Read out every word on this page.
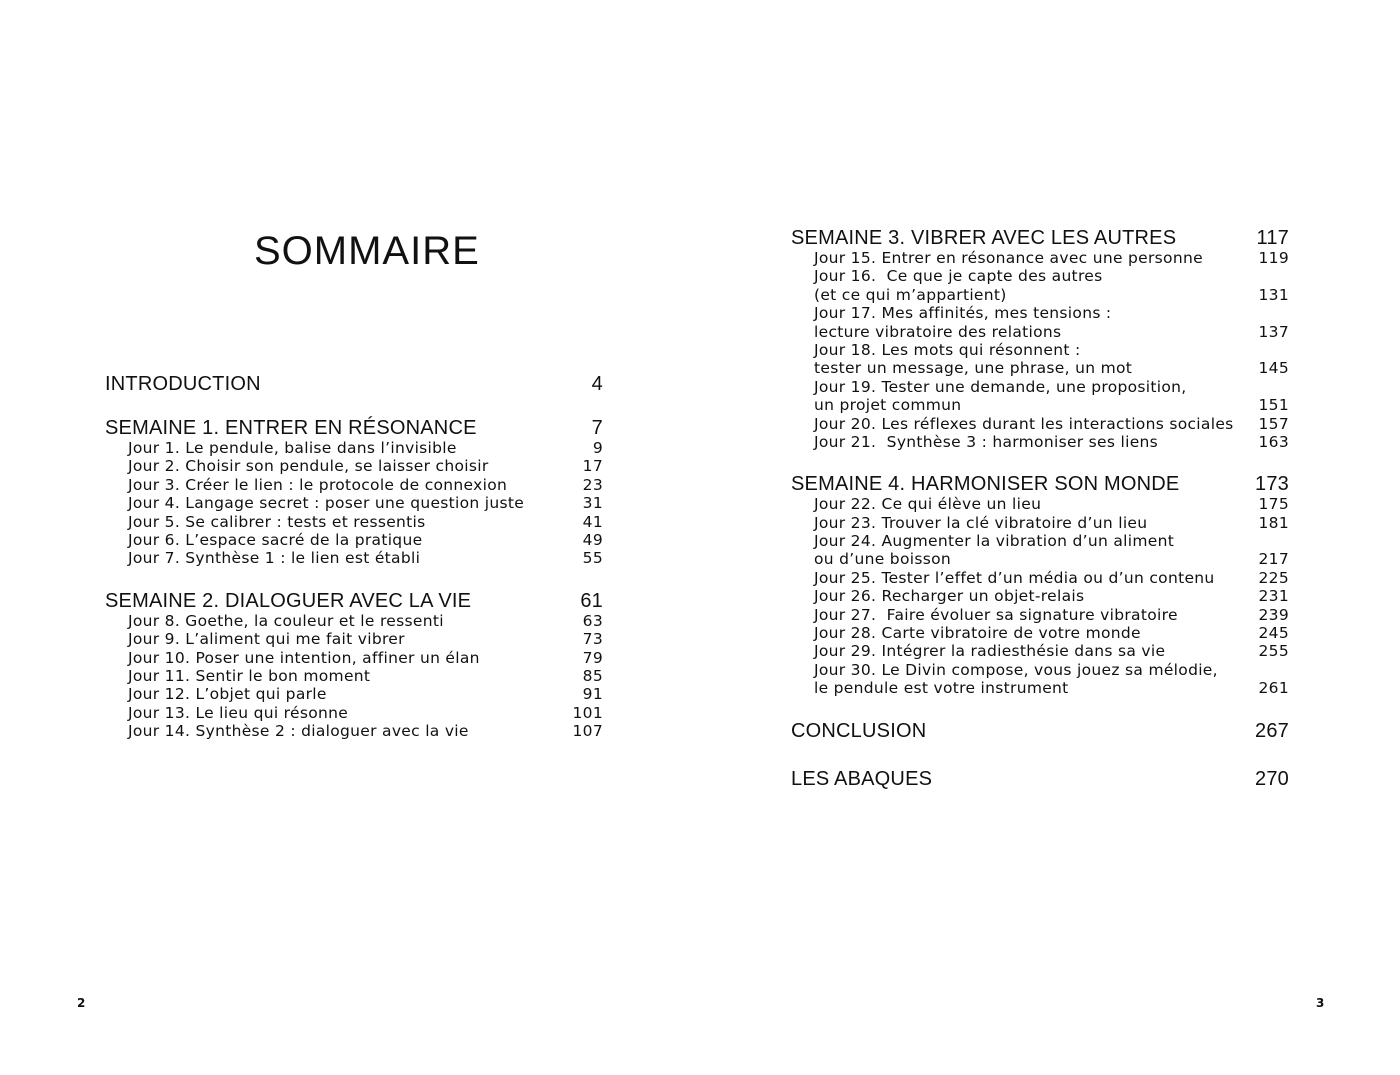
SOMMAIRE
INTRODUCTION	4
SEMAINE 1. ENTRER EN RÉSONANCE	7
Jour 1. Le pendule, balise dans l’invisible	9
Jour 2. Choisir son pendule, se laisser choisir	17
Jour 3. Créer le lien : le protocole de connexion	23
Jour 4. Langage secret : poser une question juste	31
Jour 5. Se calibrer : tests et ressentis	41
Jour 6. L’espace sacré de la pratique	49
Jour 7. Synthèse 1 : le lien est établi	55
SEMAINE 2. DIALOGUER AVEC LA VIE	61
Jour 8. Goethe, la couleur et le ressenti	63
Jour 9. L’aliment qui me fait vibrer	73
Jour 10. Poser une intention, affiner un élan	79
Jour 11. Sentir le bon moment	85
Jour 12. L’objet qui parle	91
Jour 13. Le lieu qui résonne	101
Jour 14. Synthèse 2 : dialoguer avec la vie	107
2
SEMAINE 3. VIBRER AVEC LES AUTRES	117
Jour 15. Entrer en résonance avec une personne	119
Jour 16.  Ce que je capte des autres
(et ce qui m’appartient)	131
Jour 17. Mes affinités, mes tensions :
lecture vibratoire des relations	137
Jour 18. Les mots qui résonnent :
tester un message, une phrase, un mot	145
Jour 19. Tester une demande, une proposition,
un projet commun	151
Jour 20. Les réflexes durant les interactions sociales 157
Jour 21.  Synthèse 3 : harmoniser ses liens	163
SEMAINE 4. HARMONISER SON MONDE	173
Jour 22. Ce qui élève un lieu	175
Jour 23. Trouver la clé vibratoire d’un lieu	181
Jour 24. Augmenter la vibration d’un aliment
ou d’une boisson	217
Jour 25. Tester l’effet d’un média ou d’un contenu	225
Jour 26. Recharger un objet-relais	231
Jour 27.  Faire évoluer sa signature vibratoire	239
Jour 28. Carte vibratoire de votre monde	245
Jour 29. Intégrer la radiesthésie dans sa vie	255
Jour 30. Le Divin compose, vous jouez sa mélodie,
le pendule est votre instrument	261
CONCLUSION	267
LES ABAQUES	270
3
